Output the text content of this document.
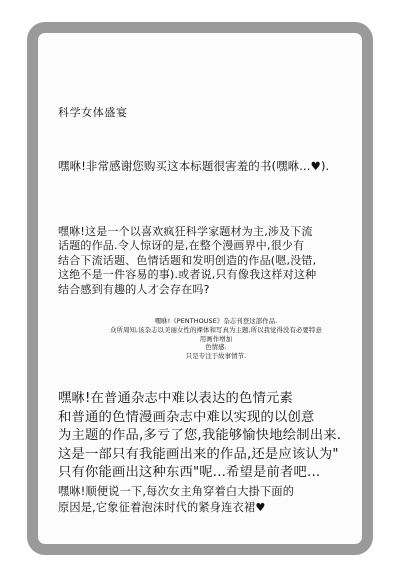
科学女体盛宴

嘿咻!非常感谢您购买这本标题很害羞的书(嘿咻...♥).

嘿咻!这是一个以喜欢疯狂科学家题材为主,涉及下流
话题的作品.令人惊讶的是,在整个漫画界中,很少有
结合下流话题、色情话题和发明创造的作品(嗯,没错,
这绝不是一件容易的事).或者说,只有像我这样对这种
结合感到有趣的人才会存在吗?

嘿咻!《PENTHOUSE》杂志刊登这部作品.
众所周知,该杂志以美丽女性的裸体和写真为主题,所以我觉得没有必要特意
用画作增加
色情感.
只是专注于故事情节.

嘿咻!在普通杂志中难以表达的色情元素
和普通的色情漫画杂志中难以实现的以创意
为主题的作品,多亏了您,我能够愉快地绘制出来.
这是一部只有我能画出来的作品,还是应该认为"
只有你能画出这种东西"呢...希望是前者吧...

嘿咻!顺便说一下,每次女主角穿着白大掛下面的
原因是,它象征着泡沫时代的紧身连衣裙♥
